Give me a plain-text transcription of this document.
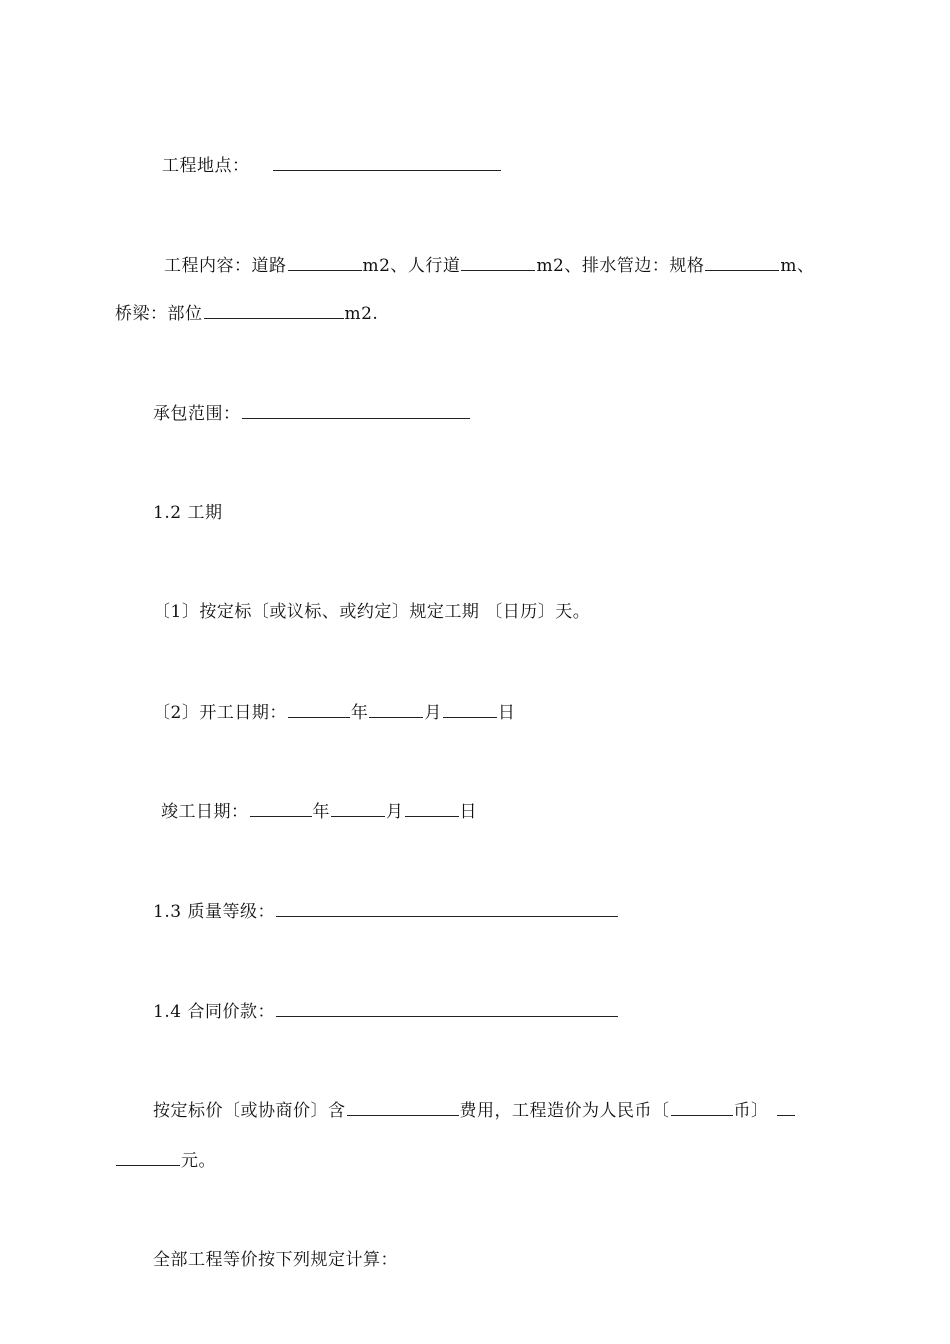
工程地点：
工程内容：道路	m2、人行道	m2、排水管边：规格	m、
桥梁：部位	m2.
承包范围：
1.2 工期
〔1〕按定标〔或议标、或约定〕规定工期 〔日历〕天。
〔2〕开工日期：	年	月	日
竣工日期：	年	月	日
1.3 质量等级：
1.4 合同价款：
按定标价〔或协商价〕含	费用，工程造价为人民币〔	币〕
元。
全部工程等价按下列规定计算：
